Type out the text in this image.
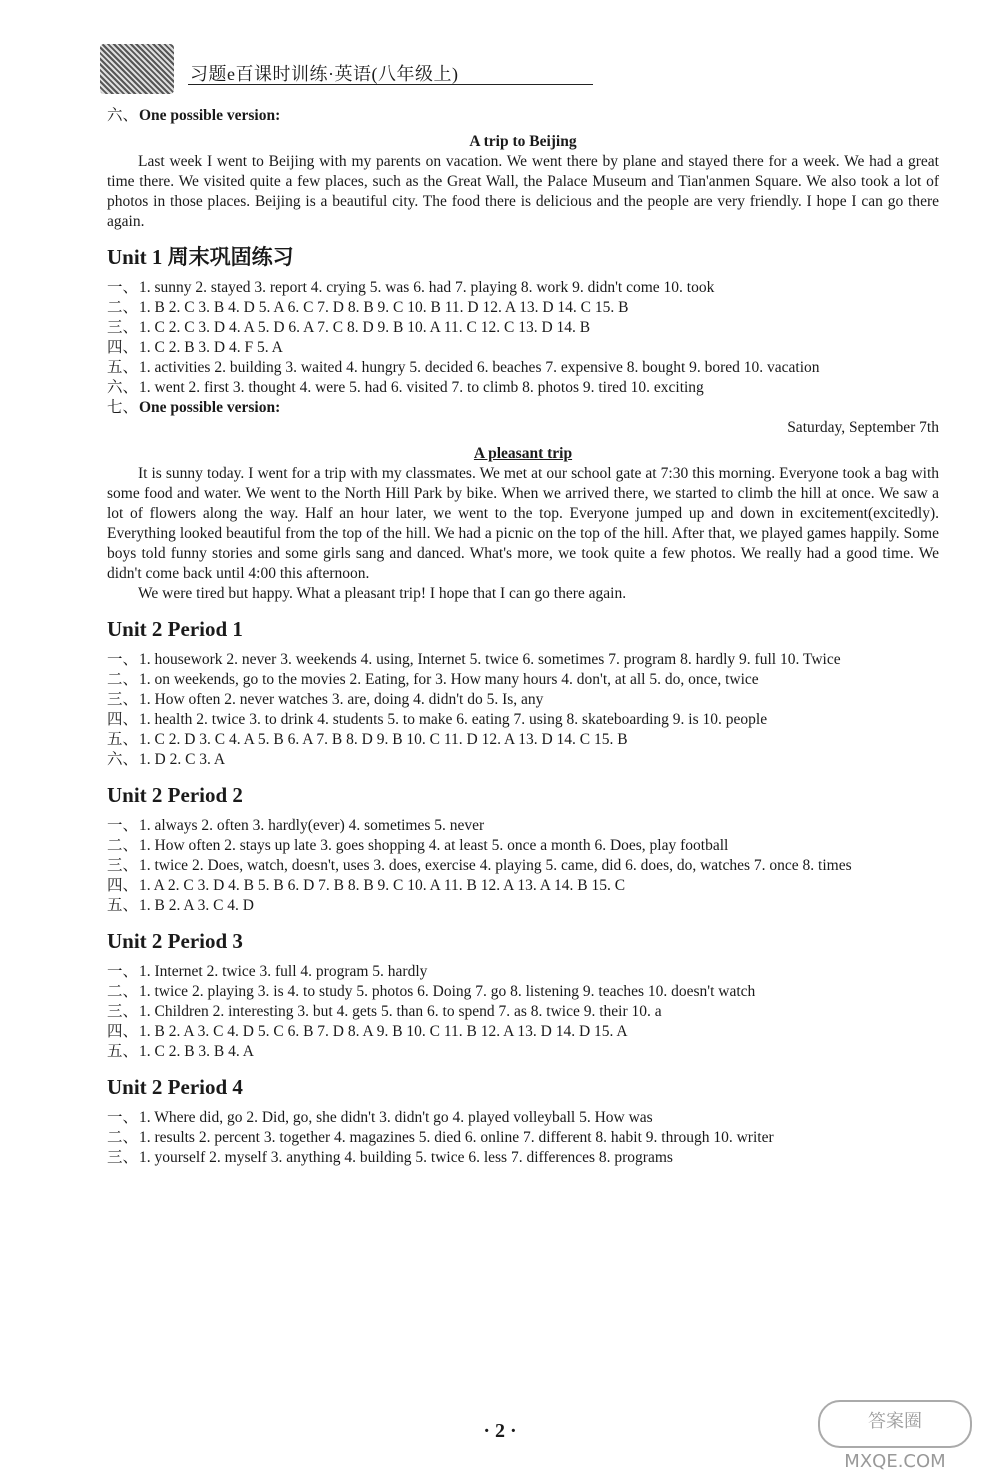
习题e百课时训练·英语(八年级上)
六、 One possible version:
A trip to Beijing

Last week I went to Beijing with my parents on vacation. We went there by plane and stayed there for a week. We had a great time there. We visited quite a few places, such as the Great Wall, the Palace Museum and Tian'anmen Square. We also took a lot of photos in those places. Beijing is a beautiful city. The food there is delicious and the people are very friendly. I hope I can go there again.

Unit 1 周末巩固练习
一、 1. sunny 2. stayed 3. report 4. crying 5. was 6. had 7. playing 8. work 9. didn't come 10. took
二、 1. B 2. C 3. B 4. D 5. A 6. C 7. D 8. B 9. C 10. B 11. D 12. A 13. D 14. C 15. B
三、 1. C 2. C 3. D 4. A 5. D 6. A 7. C 8. D 9. B 10. A 11. C 12. C 13. D 14. B
四、 1. C 2. B 3. D 4. F 5. A
五、 1. activities 2. building 3. waited 4. hungry 5. decided 6. beaches 7. expensive 8. bought 9. bored 10. vacation
六、 1. went 2. first 3. thought 4. were 5. had 6. visited 7. to climb 8. photos 9. tired 10. exciting
七、 One possible version:
Saturday, September 7th
A pleasant trip

It is sunny today. I went for a trip with my classmates. We met at our school gate at 7:30 this morning. Everyone took a bag with some food and water. We went to the North Hill Park by bike. When we arrived there, we started to climb the hill at once. We saw a lot of flowers along the way. Half an hour later, we went to the top. Everyone jumped up and down in excitement(excitedly). Everything looked beautiful from the top of the hill. We had a picnic on the top of the hill. After that, we played games happily. Some boys told funny stories and some girls sang and danced. What's more, we took quite a few photos. We really had a good time. We didn't come back until 4:00 this afternoon.

We were tired but happy. What a pleasant trip! I hope that I can go there again.

Unit 2 Period 1
一、 1. housework 2. never 3. weekends 4. using, Internet 5. twice 6. sometimes 7. program 8. hardly 9. full 10. Twice
二、 1. on weekends, go to the movies 2. Eating, for 3. How many hours 4. don't, at all 5. do, once, twice
三、 1. How often 2. never watches 3. are, doing 4. didn't do 5. Is, any
四、 1. health 2. twice 3. to drink 4. students 5. to make 6. eating 7. using 8. skateboarding 9. is 10. people
五、 1. C 2. D 3. C 4. A 5. B 6. A 7. B 8. D 9. B 10. C 11. D 12. A 13. D 14. C 15. B
六、 1. D 2. C 3. A
Unit 2 Period 2
一、 1. always 2. often 3. hardly(ever) 4. sometimes 5. never
二、 1. How often 2. stays up late 3. goes shopping 4. at least 5. once a month 6. Does, play football
三、 1. twice 2. Does, watch, doesn't, uses 3. does, exercise 4. playing 5. came, did 6. does, do, watches 7. once 8. times
四、 1. A 2. C 3. D 4. B 5. B 6. D 7. B 8. B 9. C 10. A 11. B 12. A 13. A 14. B 15. C
五、 1. B 2. A 3. C 4. D
Unit 2 Period 3
一、 1. Internet 2. twice 3. full 4. program 5. hardly
二、 1. twice 2. playing 3. is 4. to study 5. photos 6. Doing 7. go 8. listening 9. teaches 10. doesn't watch
三、 1. Children 2. interesting 3. but 4. gets 5. than 6. to spend 7. as 8. twice 9. their 10. a
四、 1. B 2. A 3. C 4. D 5. C 6. B 7. D 8. A 9. B 10. C 11. B 12. A 13. D 14. D 15. A
五、 1. C 2. B 3. B 4. A
Unit 2 Period 4
一、 1. Where did, go 2. Did, go, she didn't 3. didn't go 4. played volleyball 5. How was
二、 1. results 2. percent 3. together 4. magazines 5. died 6. online 7. different 8. habit 9. through 10. writer
三、 1. yourself 2. myself 3. anything 4. building 5. twice 6. less 7. differences 8. programs
· 2 ·	答案圈 MXQE.COM
